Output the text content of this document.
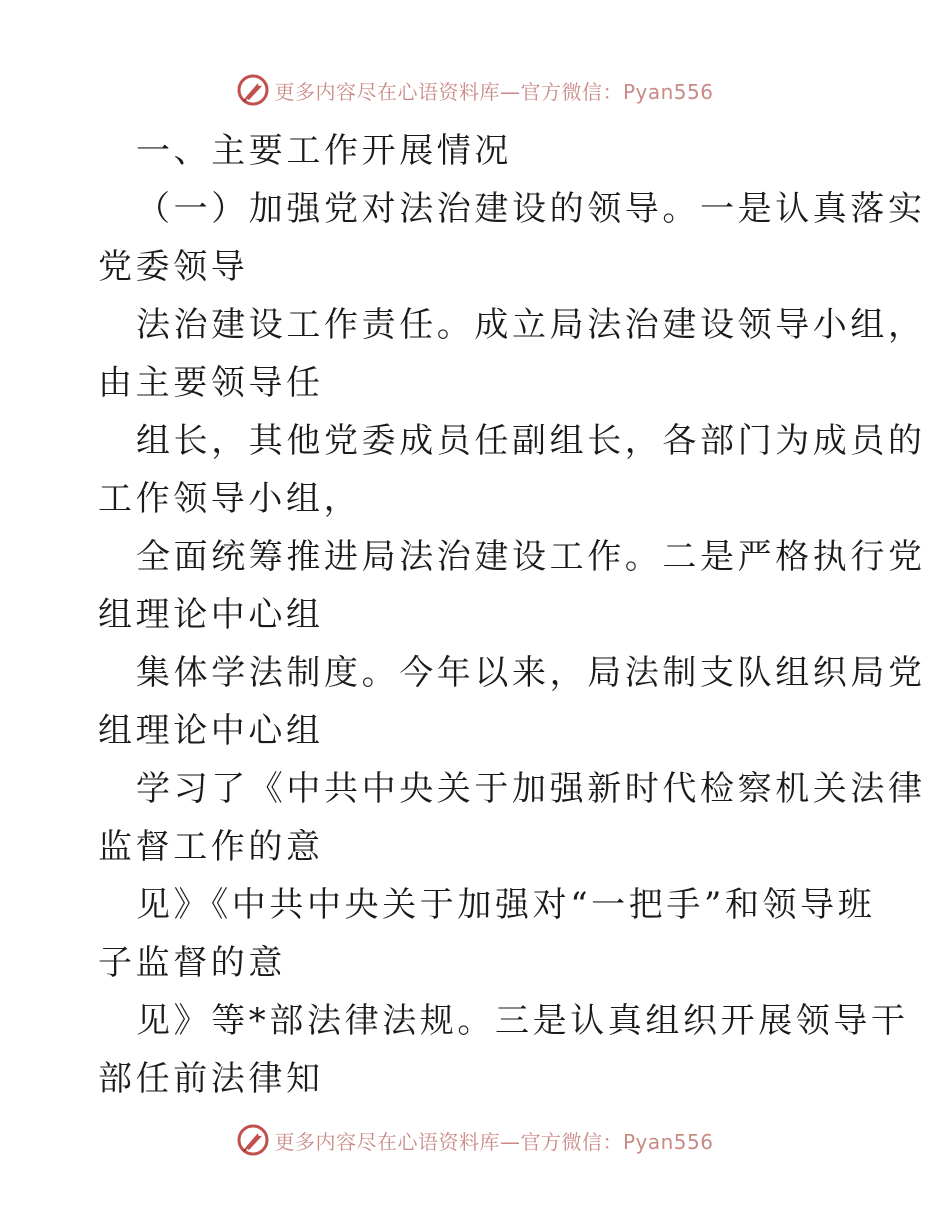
更多内容尽在心语资料库—官方微信：Pyan556
一、主要工作开展情况
（一）加强党对法治建设的领导。一是认真落实
党委领导
法治建设工作责任。成立局法治建设领导小组，
由主要领导任
组长，其他党委成员任副组长，各部门为成员的
工作领导小组，
全面统筹推进局法治建设工作。二是严格执行党
组理论中心组
集体学法制度。今年以来，局法制支队组织局党
组理论中心组
学习了《中共中央关于加强新时代检察机关法律
监督工作的意
见》《中共中央关于加强对“一把手”和领导班
子监督的意
见》等*部法律法规。三是认真组织开展领导干
部任前法律知
更多内容尽在心语资料库—官方微信：Pyan556
